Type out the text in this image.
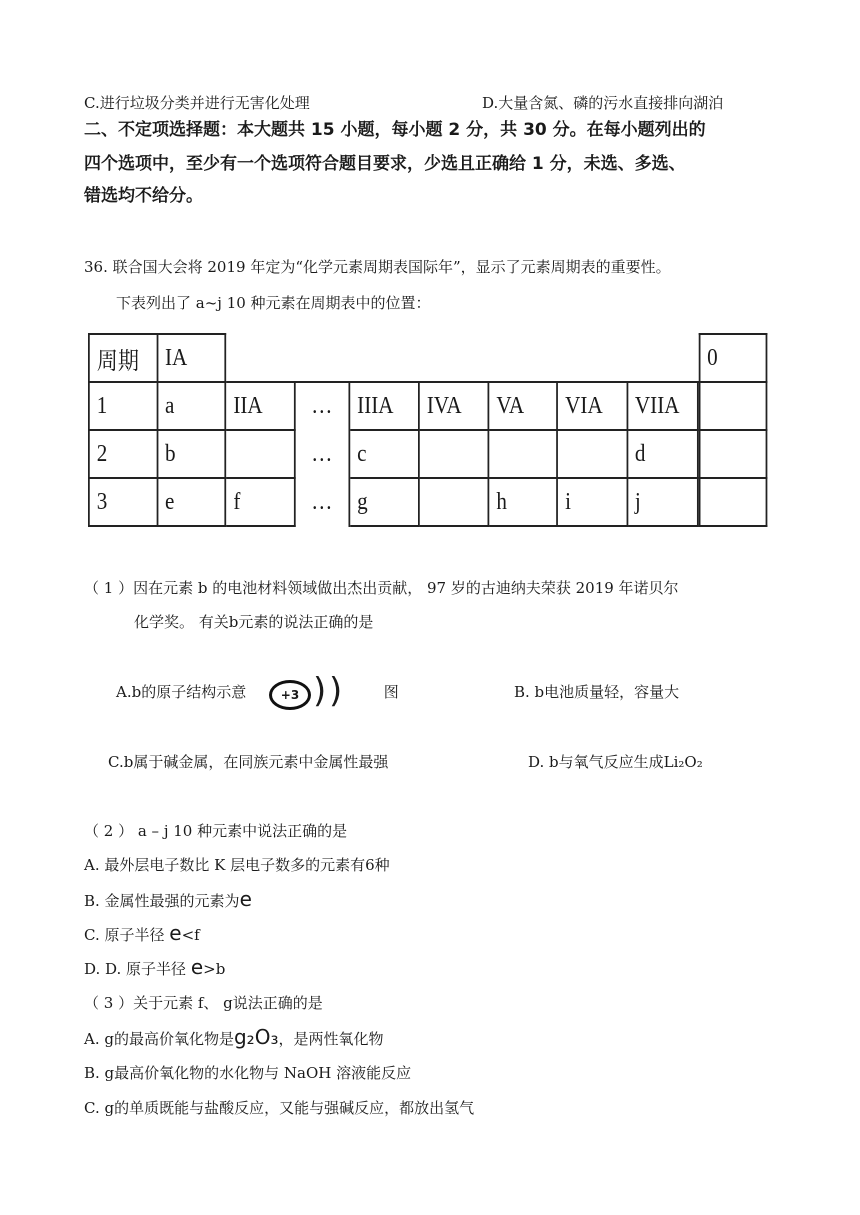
C.进行垃圾分类并进行无害化处理	D.大量含氮、磷的污水直接排向湖泊
二、不定项选择题：本大题共 15 小题，每小题 2 分，共 30 分。在每小题列出的
四个选项中，至少有一个选项符合题目要求，少选且正确给 1 分，未选、多选、
错选均不给分。
36. 联合国大会将 2019 年定为“化学元素周期表国际年”，显示了元素周期表的重要性。
下表列出了 a~j 10 种元素在周期表中的位置：
周期	IA									0
1	a	IIA	…	IIIA	IVA	VA	VIA	VIIA		
2	b		…	c				d		
3	e	f	…	g		h	i	j		
（ 1 ）因在元素 b 的电池材料领域做出杰出贡献， 97 岁的古迪纳夫荣获 2019 年诺贝尔
化学奖。 有关b元素的说法正确的是
A.b的原子结构示意	+3 ) )	图	B. b电池质量轻，容量大
C.b属于碱金属，在同族元素中金属性最强	D. b与氧气反应生成Li₂O₂
（ 2 ） a – j 10 种元素中说法正确的是
A. 最外层电子数比 K 层电子数多的元素有6种
B. 金属性最强的元素为e
C. 原子半径 e<f
D. D. 原子半径 e>b
（ 3 ）关于元素 f、 g说法正确的是
A. g的最高价氧化物是g₂O₃，是两性氧化物
B. g最高价氧化物的水化物与 NaOH 溶液能反应
C. g的单质既能与盐酸反应，又能与强碱反应，都放出氢气
